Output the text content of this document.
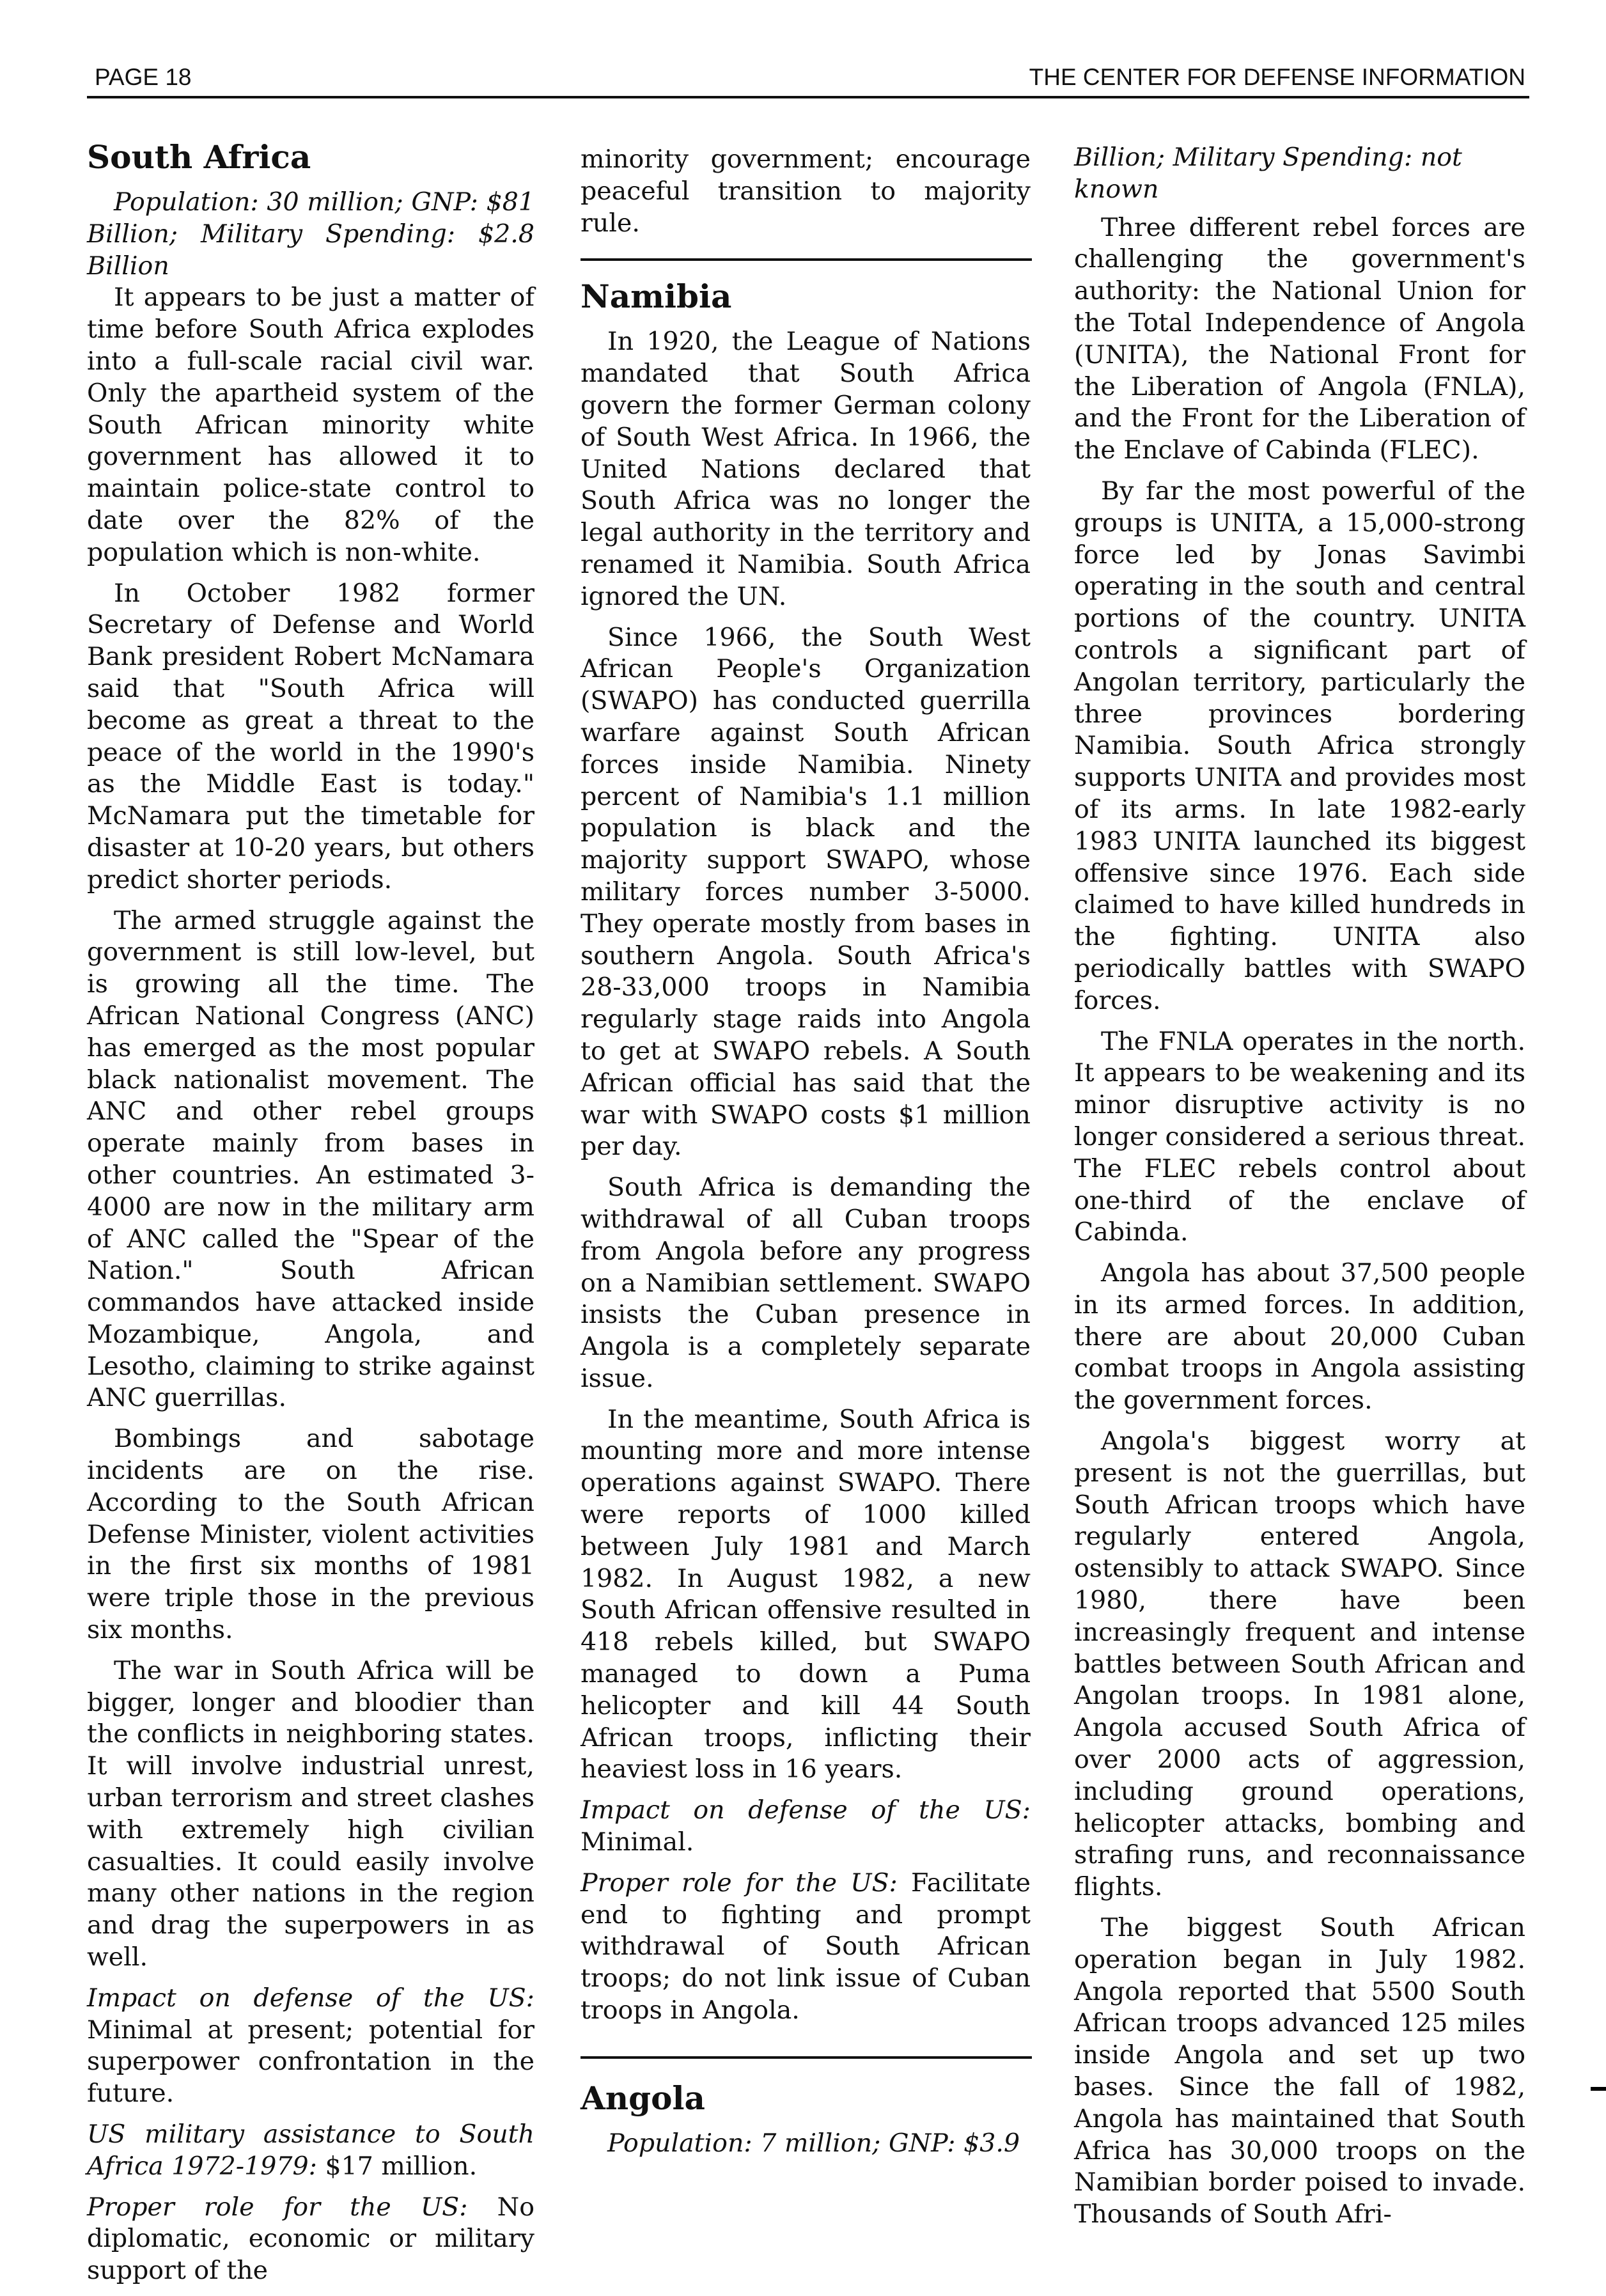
PAGE 18	THE CENTER FOR DEFENSE INFORMATION
South Africa

Population: 30 million; GNP: $81 Billion; Military Spending: $2.8 Billion

It appears to be just a matter of time before South Africa explodes into a full-scale racial civil war. Only the apartheid system of the South African minority white government has allowed it to maintain police-state control to date over the 82% of the population which is non-white.

In October 1982 former Secretary of Defense and World Bank president Robert McNamara said that "South Africa will become as great a threat to the peace of the world in the 1990's as the Middle East is today." McNamara put the timetable for disaster at 10-20 years, but others predict shorter periods.

The armed struggle against the government is still low-level, but is growing all the time. The African National Congress (ANC) has emerged as the most popular black nationalist movement. The ANC and other rebel groups operate mainly from bases in other countries. An estimated 3-4000 are now in the military arm of ANC called the "Spear of the Nation." South African commandos have attacked inside Mozambique, Angola, and Lesotho, claiming to strike against ANC guerrillas.

Bombings and sabotage incidents are on the rise. According to the South African Defense Minister, violent activities in the first six months of 1981 were triple those in the previous six months.

The war in South Africa will be bigger, longer and bloodier than the conflicts in neighboring states. It will involve industrial unrest, urban terrorism and street clashes with extremely high civilian casualties. It could easily involve many other nations in the region and drag the superpowers in as well.

Impact on defense of the US: Minimal at present; potential for superpower confrontation in the future.

US military assistance to South Africa 1972-1979: $17 million.

Proper role for the US: No diplomatic, economic or military support of the

minority government; encourage peaceful transition to majority rule.
Namibia

In 1920, the League of Nations mandated that South Africa govern the former German colony of South West Africa. In 1966, the United Nations declared that South Africa was no longer the legal authority in the territory and renamed it Namibia. South Africa ignored the UN.

Since 1966, the South West African People's Organization (SWAPO) has conducted guerrilla warfare against South African forces inside Namibia. Ninety percent of Namibia's 1.1 million population is black and the majority support SWAPO, whose military forces number 3-5000. They operate mostly from bases in southern Angola. South Africa's 28-33,000 troops in Namibia regularly stage raids into Angola to get at SWAPO rebels. A South African official has said that the war with SWAPO costs $1 million per day.

South Africa is demanding the withdrawal of all Cuban troops from Angola before any progress on a Namibian settlement. SWAPO insists the Cuban presence in Angola is a completely separate issue.

In the meantime, South Africa is mounting more and more intense operations against SWAPO. There were reports of 1000 killed between July 1981 and March 1982. In August 1982, a new South African offensive resulted in 418 rebels killed, but SWAPO managed to down a Puma helicopter and kill 44 South African troops, inflicting their heaviest loss in 16 years.

Impact on defense of the US: Minimal.

Proper role for the US: Facilitate end to fighting and prompt withdrawal of South African troops; do not link issue of Cuban troops in Angola.

Angola

Population: 7 million; GNP: $3.9

Billion; Military Spending: not known

Three different rebel forces are challenging the government's authority: the National Union for the Total Independence of Angola (UNITA), the National Front for the Liberation of Angola (FNLA), and the Front for the Liberation of the Enclave of Cabinda (FLEC).

By far the most powerful of the groups is UNITA, a 15,000-strong force led by Jonas Savimbi operating in the south and central portions of the country. UNITA controls a significant part of Angolan territory, particularly the three provinces bordering Namibia. South Africa strongly supports UNITA and provides most of its arms. In late 1982-early 1983 UNITA launched its biggest offensive since 1976. Each side claimed to have killed hundreds in the fighting. UNITA also periodically battles with SWAPO forces.

The FNLA operates in the north. It appears to be weakening and its minor disruptive activity is no longer considered a serious threat. The FLEC rebels control about one-third of the enclave of Cabinda.

Angola has about 37,500 people in its armed forces. In addition, there are about 20,000 Cuban combat troops in Angola assisting the government forces.

Angola's biggest worry at present is not the guerrillas, but South African troops which have regularly entered Angola, ostensibly to attack SWAPO. Since 1980, there have been increasingly frequent and intense battles between South African and Angolan troops. In 1981 alone, Angola accused South Africa of over 2000 acts of aggression, including ground operations, helicopter attacks, bombing and strafing runs, and reconnaissance flights.

The biggest South African operation began in July 1982. Angola reported that 5500 South African troops advanced 125 miles inside Angola and set up two bases. Since the fall of 1982, Angola has maintained that South Africa has 30,000 troops on the Namibian border poised to invade. Thousands of South Afri-
